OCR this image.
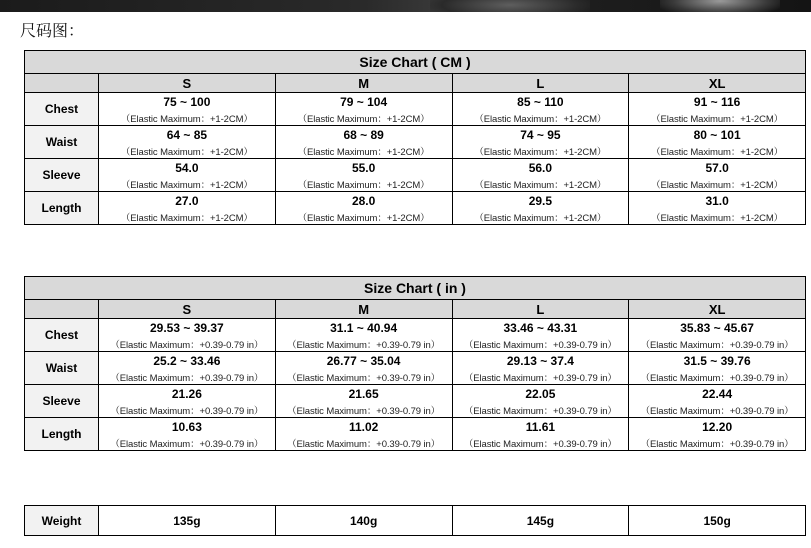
尺码图：
Size Chart ( CM )				
	S	M	L	XL
Chest	75 ~ 100	79 ~ 104	85 ~ 110	91 ~ 116
	（Elastic Maximum：+1-2CM）	（Elastic Maximum：+1-2CM）	（Elastic Maximum：+1-2CM）	（Elastic Maximum：+1-2CM）
Waist	64 ~ 85	68 ~ 89	74 ~ 95	80 ~ 101
	（Elastic Maximum：+1-2CM）	（Elastic Maximum：+1-2CM）	（Elastic Maximum：+1-2CM）	（Elastic Maximum：+1-2CM）
Sleeve	54.0	55.0	56.0	57.0
	（Elastic Maximum：+1-2CM）	（Elastic Maximum：+1-2CM）	（Elastic Maximum：+1-2CM）	（Elastic Maximum：+1-2CM）
Length	27.0	28.0	29.5	31.0
	（Elastic Maximum：+1-2CM）	（Elastic Maximum：+1-2CM）	（Elastic Maximum：+1-2CM）	（Elastic Maximum：+1-2CM）
Size Chart ( in )				
	S	M	L	XL
Chest	29.53 ~ 39.37	31.1 ~ 40.94	33.46 ~ 43.31	35.83 ~ 45.67
	（Elastic Maximum：+0.39-0.79 in）	（Elastic Maximum：+0.39-0.79 in）	（Elastic Maximum：+0.39-0.79 in）	（Elastic Maximum：+0.39-0.79 in）
Waist	25.2 ~ 33.46	26.77 ~ 35.04	29.13 ~ 37.4	31.5 ~ 39.76
	（Elastic Maximum：+0.39-0.79 in）	（Elastic Maximum：+0.39-0.79 in）	（Elastic Maximum：+0.39-0.79 in）	（Elastic Maximum：+0.39-0.79 in）
Sleeve	21.26	21.65	22.05	22.44
	（Elastic Maximum：+0.39-0.79 in）	（Elastic Maximum：+0.39-0.79 in）	（Elastic Maximum：+0.39-0.79 in）	（Elastic Maximum：+0.39-0.79 in）
Length	10.63	11.02	11.61	12.20
	（Elastic Maximum：+0.39-0.79 in）	（Elastic Maximum：+0.39-0.79 in）	（Elastic Maximum：+0.39-0.79 in）	（Elastic Maximum：+0.39-0.79 in）
Weight	135g	140g	145g	150g
